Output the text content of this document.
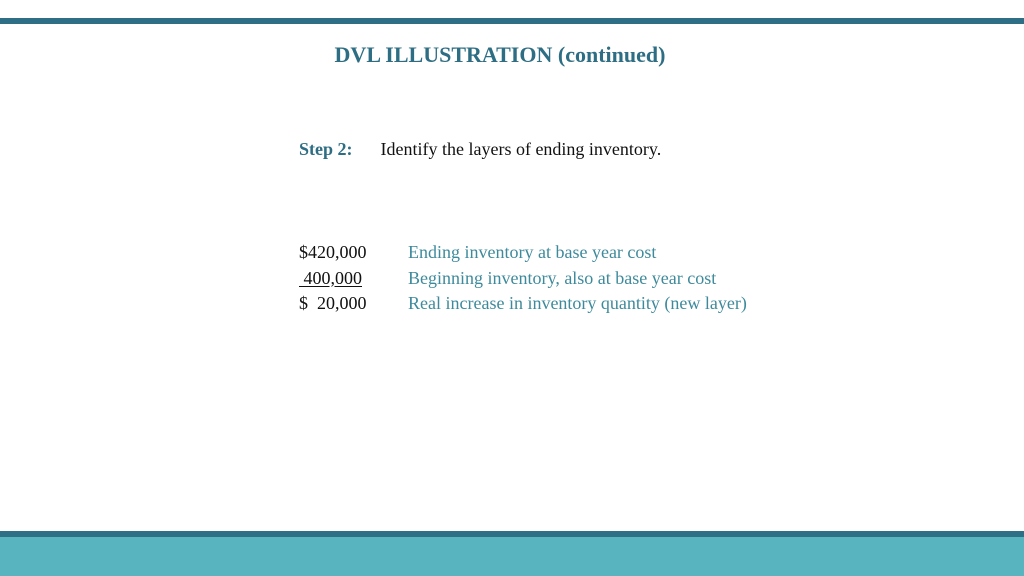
DVL ILLUSTRATION (continued)
Step 2: Identify the layers of ending inventory.
$420,000	Ending inventory at base year cost
400,000	Beginning inventory, also at base year cost
$  20,000	Real increase in inventory quantity (new layer)
